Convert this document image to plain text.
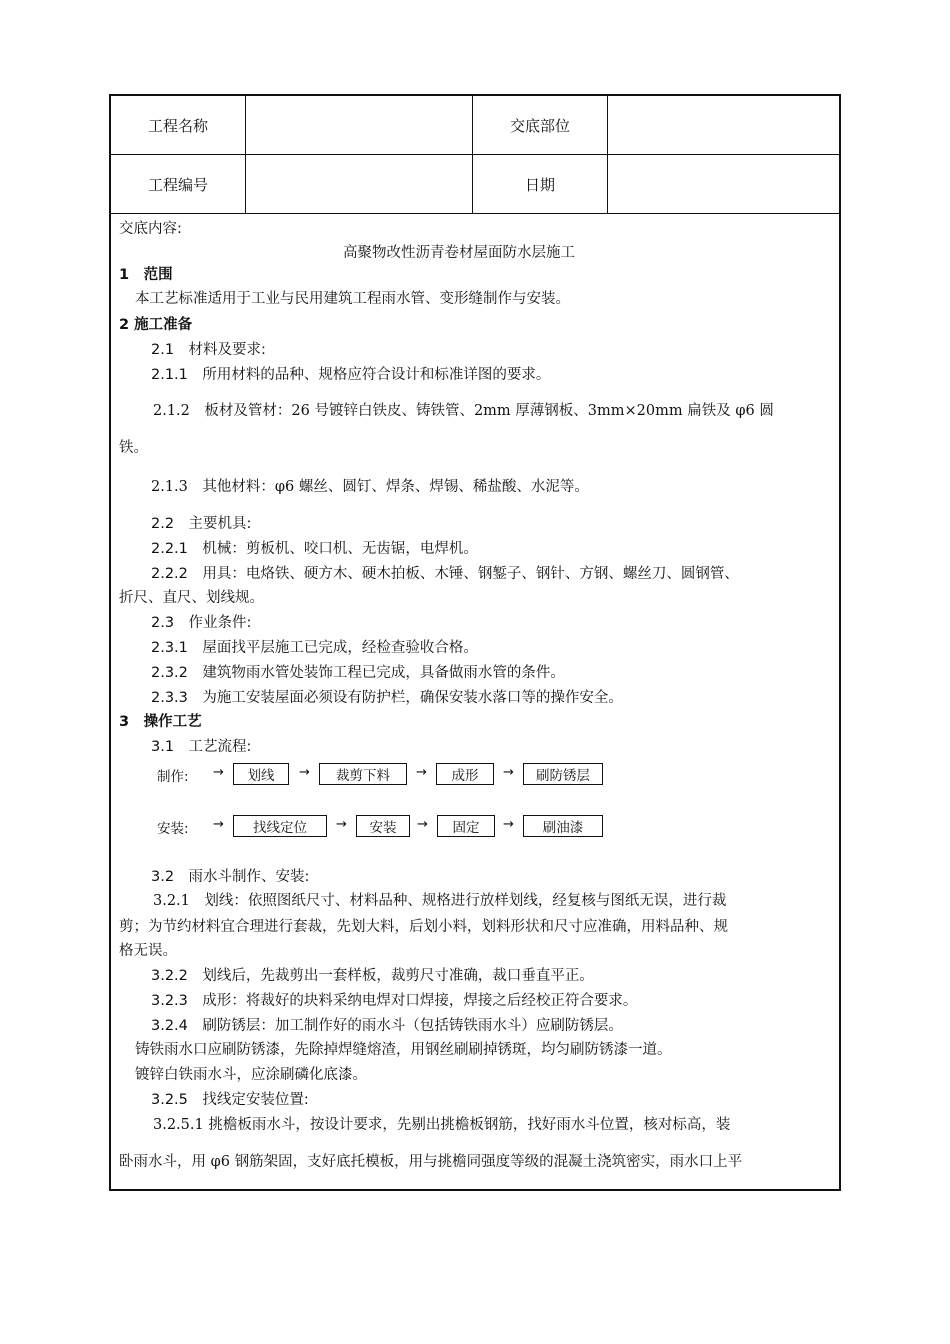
工程名称	交底部位
工程编号	日期
交底内容:
高聚物改性沥青卷材屋面防水层施工
1　范围
本工艺标准适用于工业与民用建筑工程雨水管、变形缝制作与安装。
2 施工准备
2.1　材料及要求:
2.1.1　所用材料的品种、规格应符合设计和标准详图的要求。
2.1.2　板材及管材：26 号镀锌白铁皮、铸铁管、2mm 厚薄钢板、3mm×20mm 扁铁及 φ6 圆
铁。
2.1.3　其他材料：φ6 螺丝、圆钉、焊条、焊锡、稀盐酸、水泥等。
2.2　主要机具:
2.2.1　机械：剪板机、咬口机、无齿锯，电焊机。
2.2.2　用具：电烙铁、硬方木、硬木拍板、木锤、钢錾子、钢针、方钢、螺丝刀、圆钢管、
折尺、直尺、划线规。
2.3　作业条件:
2.3.1　屋面找平层施工已完成，经检查验收合格。
2.3.2　建筑物雨水管处装饰工程已完成，具备做雨水管的条件。
2.3.3　为施工安装屋面必须设有防护栏，确保安装水落口等的操作安全。
3　操作工艺
3.1　工艺流程:
制作: →	划线	→	裁剪下料	→	成形	→	刷防锈层
安装: →	找线定位	→	安装	→	固定	→	刷油漆
3.2　雨水斗制作、安装:
3.2.1　划线：依照图纸尺寸、材料品种、规格进行放样划线，经复核与图纸无误，进行裁
剪；为节约材料宜合理进行套裁，先划大料，后划小料，划料形状和尺寸应准确，用料品种、规
格无误。
3.2.2　划线后，先裁剪出一套样板，裁剪尺寸准确，裁口垂直平正。
3.2.3　成形：将裁好的块料采纳电焊对口焊接，焊接之后经校正符合要求。
3.2.4　刷防锈层：加工制作好的雨水斗（包括铸铁雨水斗）应刷防锈层。
铸铁雨水口应刷防锈漆，先除掉焊缝熔渣，用钢丝刷刷掉锈斑，均匀刷防锈漆一道。
镀锌白铁雨水斗，应涂刷磷化底漆。
3.2.5　找线定安装位置:
3.2.5.1 挑檐板雨水斗，按设计要求，先剔出挑檐板钢筋，找好雨水斗位置，核对标高，装
卧雨水斗，用 φ6 钢筋架固，支好底托模板，用与挑檐同强度等级的混凝土浇筑密实，雨水口上平
